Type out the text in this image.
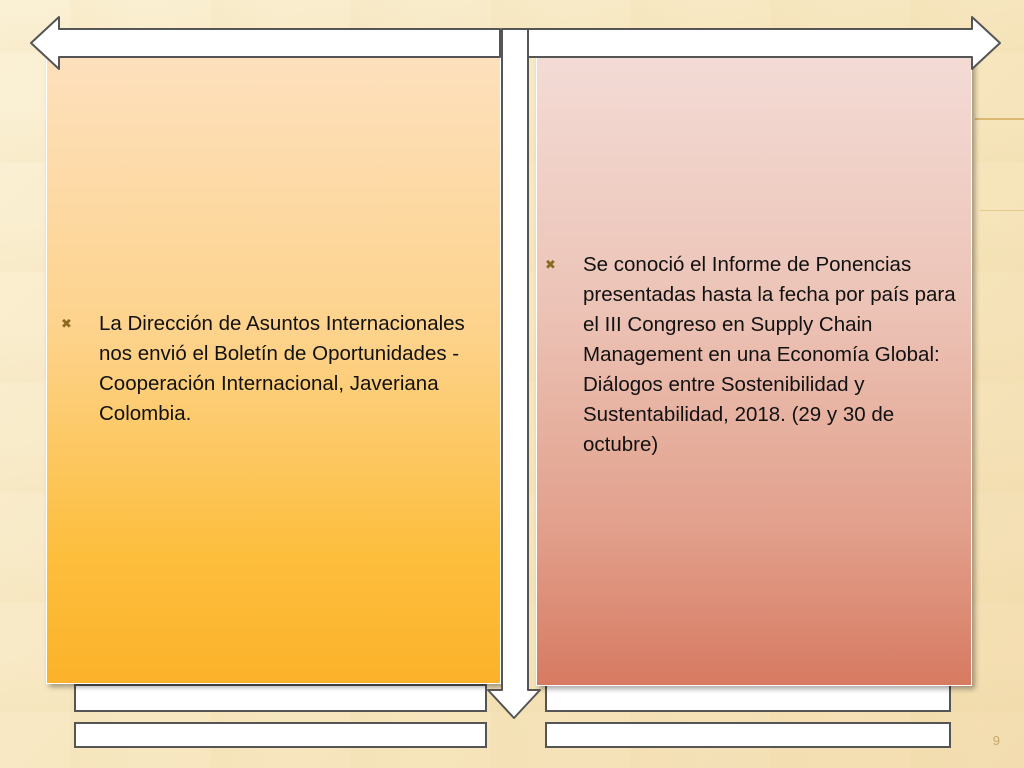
✖	La Dirección de Asuntos Internacionales nos envió el Boletín de Oportunidades - Cooperación Internacional, Javeriana Colombia.
✖	Se conoció el Informe de Ponencias presentadas hasta la fecha por país para el III Congreso en Supply Chain Management en una Economía Global: Diálogos entre Sostenibilidad y Sustentabilidad, 2018. (29 y 30 de octubre)
9
